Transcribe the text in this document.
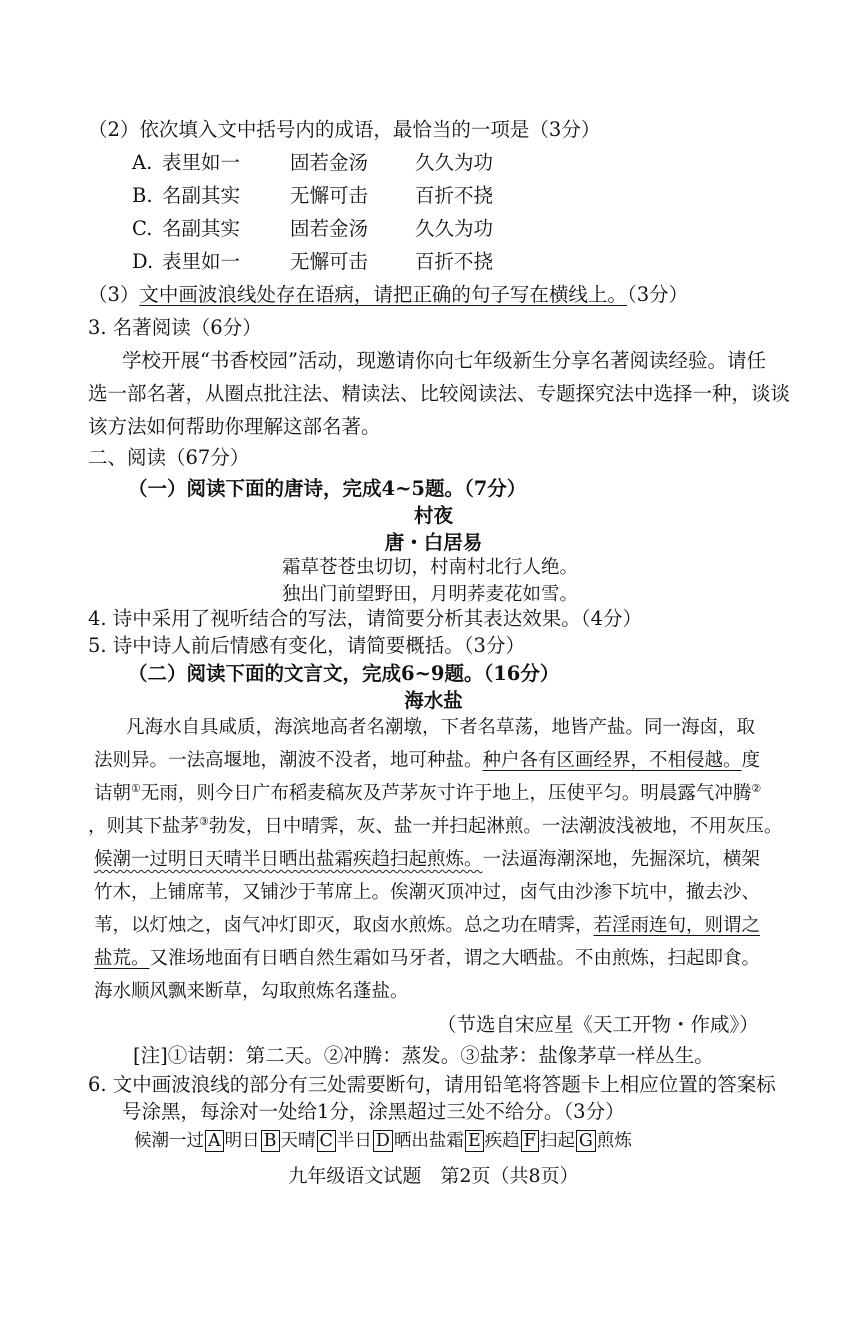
（2）依次填入文中括号内的成语，最恰当的一项是（3分）
A. 表里如一	固若金汤 久久为功
B. 名副其实	无懈可击 百折不挠
C. 名副其实	固若金汤 久久为功
D. 表里如一	无懈可击 百折不挠
（3）文中画波浪线处存在语病，请把正确的句子写在横线上。（3分）
3. 名著阅读（6分）
学校开展“书香校园”活动，现邀请你向七年级新生分享名著阅读经验。请任
选一部名著，从圈点批注法、精读法、比较阅读法、专题探究法中选择一种，谈谈
该方法如何帮助你理解这部名著。
二、阅读（67分）
（一）阅读下面的唐诗，完成4~5题。（7分）
村夜
唐・白居易
霜草苍苍虫切切，村南村北行人绝。
独出门前望野田，月明荞麦花如雪。
4. 诗中采用了视听结合的写法，请简要分析其表达效果。（4分）
5. 诗中诗人前后情感有变化，请简要概括。（3分）
（二）阅读下面的文言文，完成6~9题。（16分）
海水盐
凡海水自具咸质，海滨地高者名潮墩，下者名草荡，地皆产盐。同一海卤，取
法则异。一法高堰地，潮波不没者，地可种盐。种户各有区画经界，不相侵越。度
诘朝①无雨，则今日广布稻麦稿灰及芦茅灰寸许于地上，压使平匀。明晨露气冲腾②
，则其下盐茅③勃发，日中晴霁，灰、盐一并扫起淋煎。一法潮波浅被地，不用灰压。
候潮一过明日天晴半日晒出盐霜疾趋扫起煎炼。一法逼海潮深地，先掘深坑，横架
竹木，上铺席苇，又铺沙于苇席上。俟潮灭顶冲过，卤气由沙渗下坑中，撤去沙、
苇，以灯烛之，卤气冲灯即灭，取卤水煎炼。总之功在晴霁，若淫雨连旬，则谓之
盐荒。又淮场地面有日晒自然生霜如马牙者，谓之大晒盐。不由煎炼，扫起即食。
海水顺风飘来断草，勾取煎炼名蓬盐。
（节选自宋应星《天工开物・作咸》）
[注]①诘朝：第二天。②冲腾：蒸发。③盐茅：盐像茅草一样丛生。
6. 文中画波浪线的部分有三处需要断句，请用铅笔将答题卡上相应位置的答案标
号涂黑，每涂对一处给1分，涂黑超过三处不给分。（3分）
候潮一过 A 明日 B 天晴 C 半日 D 晒出盐霜 E 疾趋 F 扫起 G 煎炼
九年级语文试题　第2页（共8页）
